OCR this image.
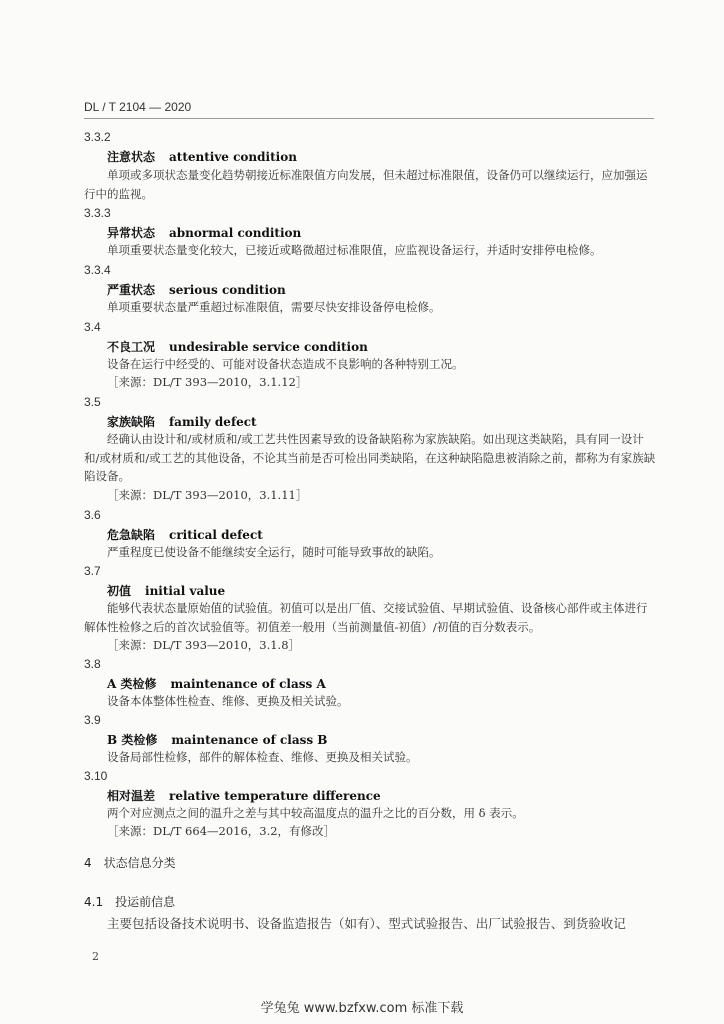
DL / T 2104 — 2020
3.3.2
注意状态 attentive condition
单项或多项状态量变化趋势朝接近标准限值方向发展，但未超过标准限值，设备仍可以继续运行，应加强运行中的监视。
3.3.3
异常状态 abnormal condition
单项重要状态量变化较大，已接近或略微超过标准限值，应监视设备运行，并适时安排停电检修。
3.3.4
严重状态 serious condition
单项重要状态量严重超过标准限值，需要尽快安排设备停电检修。
3.4
不良工况 undesirable service condition
设备在运行中经受的、可能对设备状态造成不良影响的各种特别工况。
［来源：DL/T 393—2010，3.1.12］
3.5
家族缺陷 family defect
经确认由设计和/或材质和/或工艺共性因素导致的设备缺陷称为家族缺陷。如出现这类缺陷，具有同一设计和/或材质和/或工艺的其他设备，不论其当前是否可检出同类缺陷，在这种缺陷隐患被消除之前，都称为有家族缺陷设备。
［来源：DL/T 393—2010，3.1.11］
3.6
危急缺陷 critical defect
严重程度已使设备不能继续安全运行，随时可能导致事故的缺陷。
3.7
初值 initial value
能够代表状态量原始值的试验值。初值可以是出厂值、交接试验值、早期试验值、设备核心部件或主体进行解体性检修之后的首次试验值等。初值差一般用（当前测量值-初值）/初值的百分数表示。
［来源：DL/T 393—2010，3.1.8］
3.8
A 类检修 maintenance of class A
设备本体整体性检查、维修、更换及相关试验。
3.9
B 类检修 maintenance of class B
设备局部性检修，部件的解体检查、维修、更换及相关试验。
3.10
相对温差 relative temperature difference
两个对应测点之间的温升之差与其中较高温度点的温升之比的百分数，用 δ 表示。
［来源：DL/T 664—2016，3.2，有修改］
4 状态信息分类
4.1 投运前信息
主要包括设备技术说明书、设备监造报告（如有）、型式试验报告、出厂试验报告、到货验收记
2
学兔兔 www.bzfxw.com 标准下载
